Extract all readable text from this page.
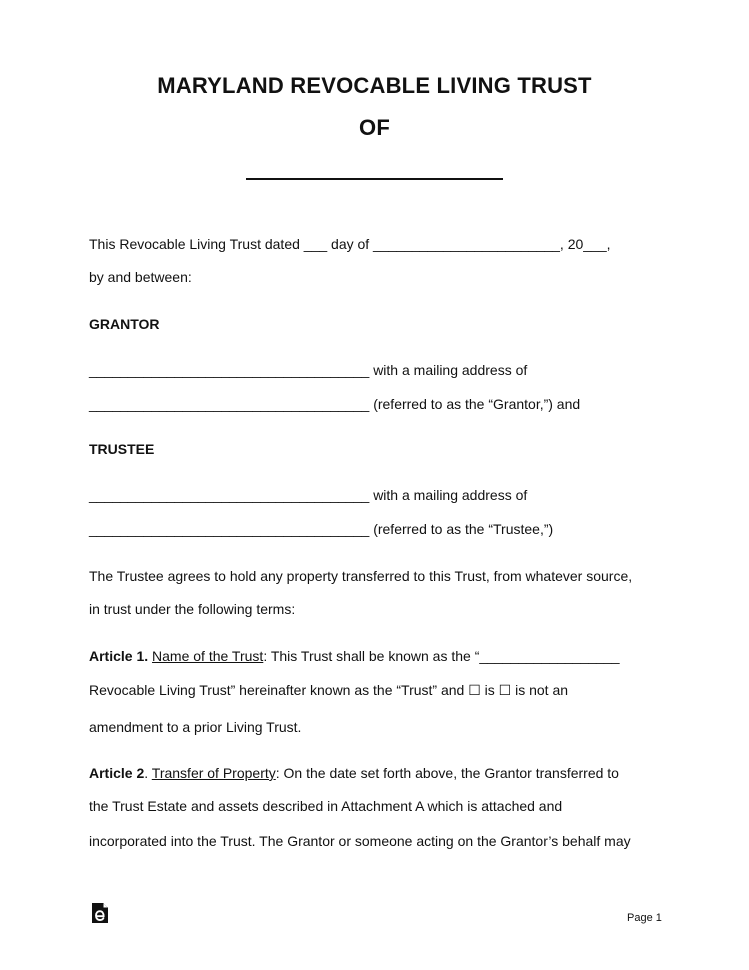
MARYLAND REVOCABLE LIVING TRUST
OF
This Revocable Living Trust dated ___ day of ________________________, 20___,
by and between:
GRANTOR
____________________________________ with a mailing address of
____________________________________ (referred to as the “Grantor,”) and
TRUSTEE
____________________________________ with a mailing address of
____________________________________ (referred to as the “Trustee,”)
The Trustee agrees to hold any property transferred to this Trust, from whatever source,
in trust under the following terms:
Article 1. Name of the Trust: This Trust shall be known as the “__________________
Revocable Living Trust” hereinafter known as the “Trust” and ☐ is ☐ is not an
amendment to a prior Living Trust.
Article 2. Transfer of Property: On the date set forth above, the Grantor transferred to
the Trust Estate and assets described in Attachment A which is attached and
incorporated into the Trust. The Grantor or someone acting on the Grantor’s behalf may
Page 1
